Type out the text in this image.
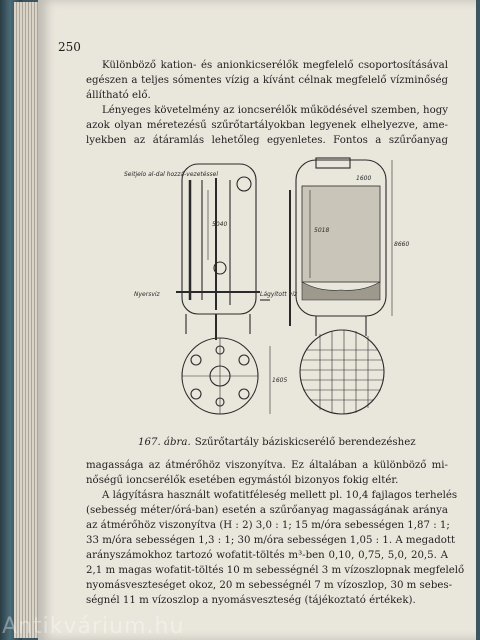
250
Különböző kation- és anionkicserélők megfelelő csoportosításával
egészen a teljes sómentes vízig a kívánt célnak megfelelő vízminőség
állítható elő.
Lényeges követelmény az ioncserélők működésével szemben, hogy
azok olyan méretezésű szűrőtartályokban legyenek elhelyezve, ame-
lyekben az átáramlás lehetőleg egyenletes. Fontos a szűrőanyag
Seitjelo al-dal hozzá-vezetéssel
5040
5018
1600
8660
Nyersviz	Lágyított víz
1605
167. ábra. Szűrőtartály báziskicserélő berendezéshez
magassága az átmérőhöz viszonyítva. Ez általában a különböző mi-
nőségű ioncserélők esetében egymástól bizonyos fokig eltér.
A lágyításra használt wofatitféleség mellett pl. 10,4 fajlagos terhelés
(sebesség méter/órá-ban) esetén a szűrőanyag magasságának aránya
az átmérőhöz viszonyítva (H : 2) 3,0 : 1; 15 m/óra sebességen 1,87 : 1;
33 m/óra sebességen 1,3 : 1; 30 m/óra sebességen 1,05 : 1. A megadott
arányszámokhoz tartozó wofatit-töltés m³-ben 0,10, 0,75, 5,0, 20,5. A
2,1 m magas wofatit-töltés 10 m sebességnél 3 m vízoszlopnak megfelelő
nyomásveszteséget okoz, 20 m sebességnél 7 m vízoszlop, 30 m sebes-
ségnél 11 m vízoszlop a nyomásveszteség (tájékoztató értékek).
Antikvárium.hu
